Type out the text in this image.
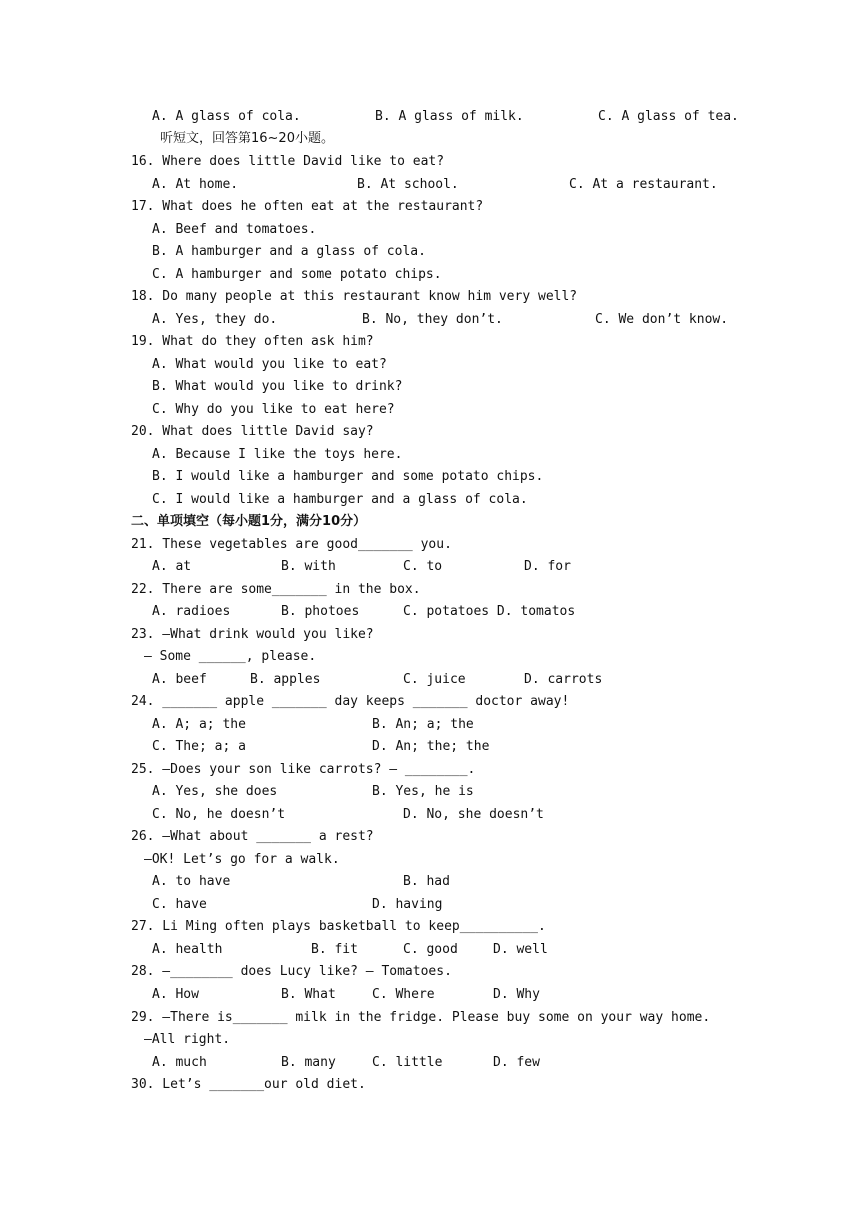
A. A glass of cola.	B. A glass of milk.	C. A glass of tea.
听短文，回答第16~20小题。
16. Where does little David like to eat?
A. At home.	B. At school.	C. At a restaurant.
17. What does he often eat at the restaurant?
A. Beef and tomatoes.
B. A hamburger and a glass of cola.
C. A hamburger and some potato chips.
18. Do many people at this restaurant know him very well?
A. Yes, they do.	B. No, they don’t.	C. We don’t know.
19. What do they often ask him?
A. What would you like to eat?
B. What would you like to drink?
C. Why do you like to eat here?
20. What does little David say?
A. Because I like the toys here.
B. I would like a hamburger and some potato chips.
C. I would like a hamburger and a glass of cola.
二、单项填空（每小题1分，满分10分）
21. These vegetables are good_______ you.
A. at	B. with	C. to	D. for
22. There are some_______ in the box.
A. radioes	B. photoes	C. potatoes D. tomatos
23. —What drink would you like?
— Some ______, please.
A. beef	B. apples	C. juice	D. carrots
24. _______ apple _______ day keeps _______ doctor away!
A. A; a; the	B. An; a; the
C. The; a; a	D. An; the; the
25. —Does your son like carrots? — ________.
A. Yes, she does	B. Yes, he is
C. No, he doesn’t	D. No, she doesn’t
26. —What about _______ a rest?
—OK! Let’s go for a walk.
A. to have	B. had
C. have	D. having
27. Li Ming often plays basketball to keep__________.
A. health	B. fit	C. good	D. well
28. —________ does Lucy like? — Tomatoes.
A. How	B. What	C. Where	D. Why
29. —There is_______ milk in the fridge. Please buy some on your way home.
—All right.
A. much	B. many	C. little	D. few
30. Let’s _______our old diet.
